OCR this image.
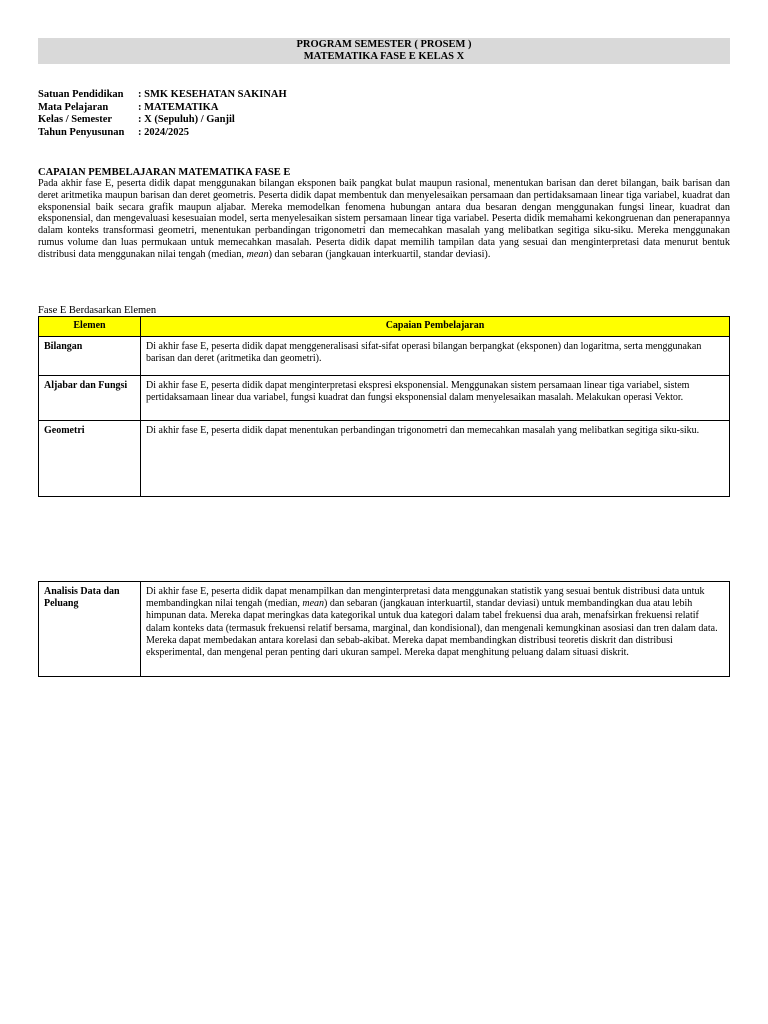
PROGRAM SEMESTER ( PROSEM )
MATEMATIKA FASE E KELAS X
Satuan Pendidikan	: SMK KESEHATAN SAKINAH
Mata Pelajaran	: MATEMATIKA
Kelas / Semester	: X (Sepuluh) / Ganjil
Tahun Penyusunan	: 2024/2025
CAPAIAN PEMBELAJARAN MATEMATIKA FASE E
Pada akhir fase E, peserta didik dapat menggunakan bilangan eksponen baik pangkat bulat maupun rasional, menentukan barisan dan deret bilangan, baik barisan dan deret aritmetika maupun barisan dan deret geometris. Peserta didik dapat membentuk dan menyelesaikan persamaan dan pertidaksamaan linear tiga variabel, kuadrat dan eksponensial baik secara grafik maupun aljabar. Mereka memodelkan fenomena hubungan antara dua besaran dengan menggunakan fungsi linear, kuadrat dan eksponensial, dan mengevaluasi kesesuaian model, serta menyelesaikan sistem persamaan linear tiga variabel. Peserta didik memahami kekongruenan dan penerapannya dalam konteks transformasi geometri, menentukan perbandingan trigonometri dan memecahkan masalah yang melibatkan segitiga siku-siku. Mereka menggunakan rumus volume dan luas permukaan untuk memecahkan masalah. Peserta didik dapat memilih tampilan data yang sesuai dan menginterpretasi data menurut bentuk distribusi data menggunakan nilai tengah (median, mean) dan sebaran (jangkauan interkuartil, standar deviasi).
Fase E Berdasarkan Elemen
Elemen	Capaian Pembelajaran
Bilangan	Di akhir fase E, peserta didik dapat menggeneralisasi sifat-sifat operasi bilangan berpangkat (eksponen) dan logaritma, serta menggunakan barisan dan deret (aritmetika dan geometri).
Aljabar dan Fungsi	Di akhir fase E, peserta didik dapat menginterpretasi ekspresi eksponensial. Menggunakan sistem persamaan linear tiga variabel, sistem pertidaksamaan linear dua variabel, fungsi kuadrat dan fungsi eksponensial dalam menyelesaikan masalah. Melakukan operasi Vektor.
Geometri	Di akhir fase E, peserta didik dapat menentukan perbandingan trigonometri dan memecahkan masalah yang melibatkan segitiga siku-siku.
Analisis Data dan Peluang	Di akhir fase E, peserta didik dapat menampilkan dan menginterpretasi data menggunakan statistik yang sesuai bentuk distribusi data untuk membandingkan nilai tengah (median, mean) dan sebaran (jangkauan interkuartil, standar deviasi) untuk membandingkan dua atau lebih himpunan data. Mereka dapat meringkas data kategorikal untuk dua kategori dalam tabel frekuensi dua arah, menafsirkan frekuensi relatif dalam konteks data (termasuk frekuensi relatif bersama, marginal, dan kondisional), dan mengenali kemungkinan asosiasi dan tren dalam data. Mereka dapat membedakan antara korelasi dan sebab-akibat. Mereka dapat membandingkan distribusi teoretis diskrit dan distribusi eksperimental, dan mengenal peran penting dari ukuran sampel. Mereka dapat menghitung peluang dalam situasi diskrit.
